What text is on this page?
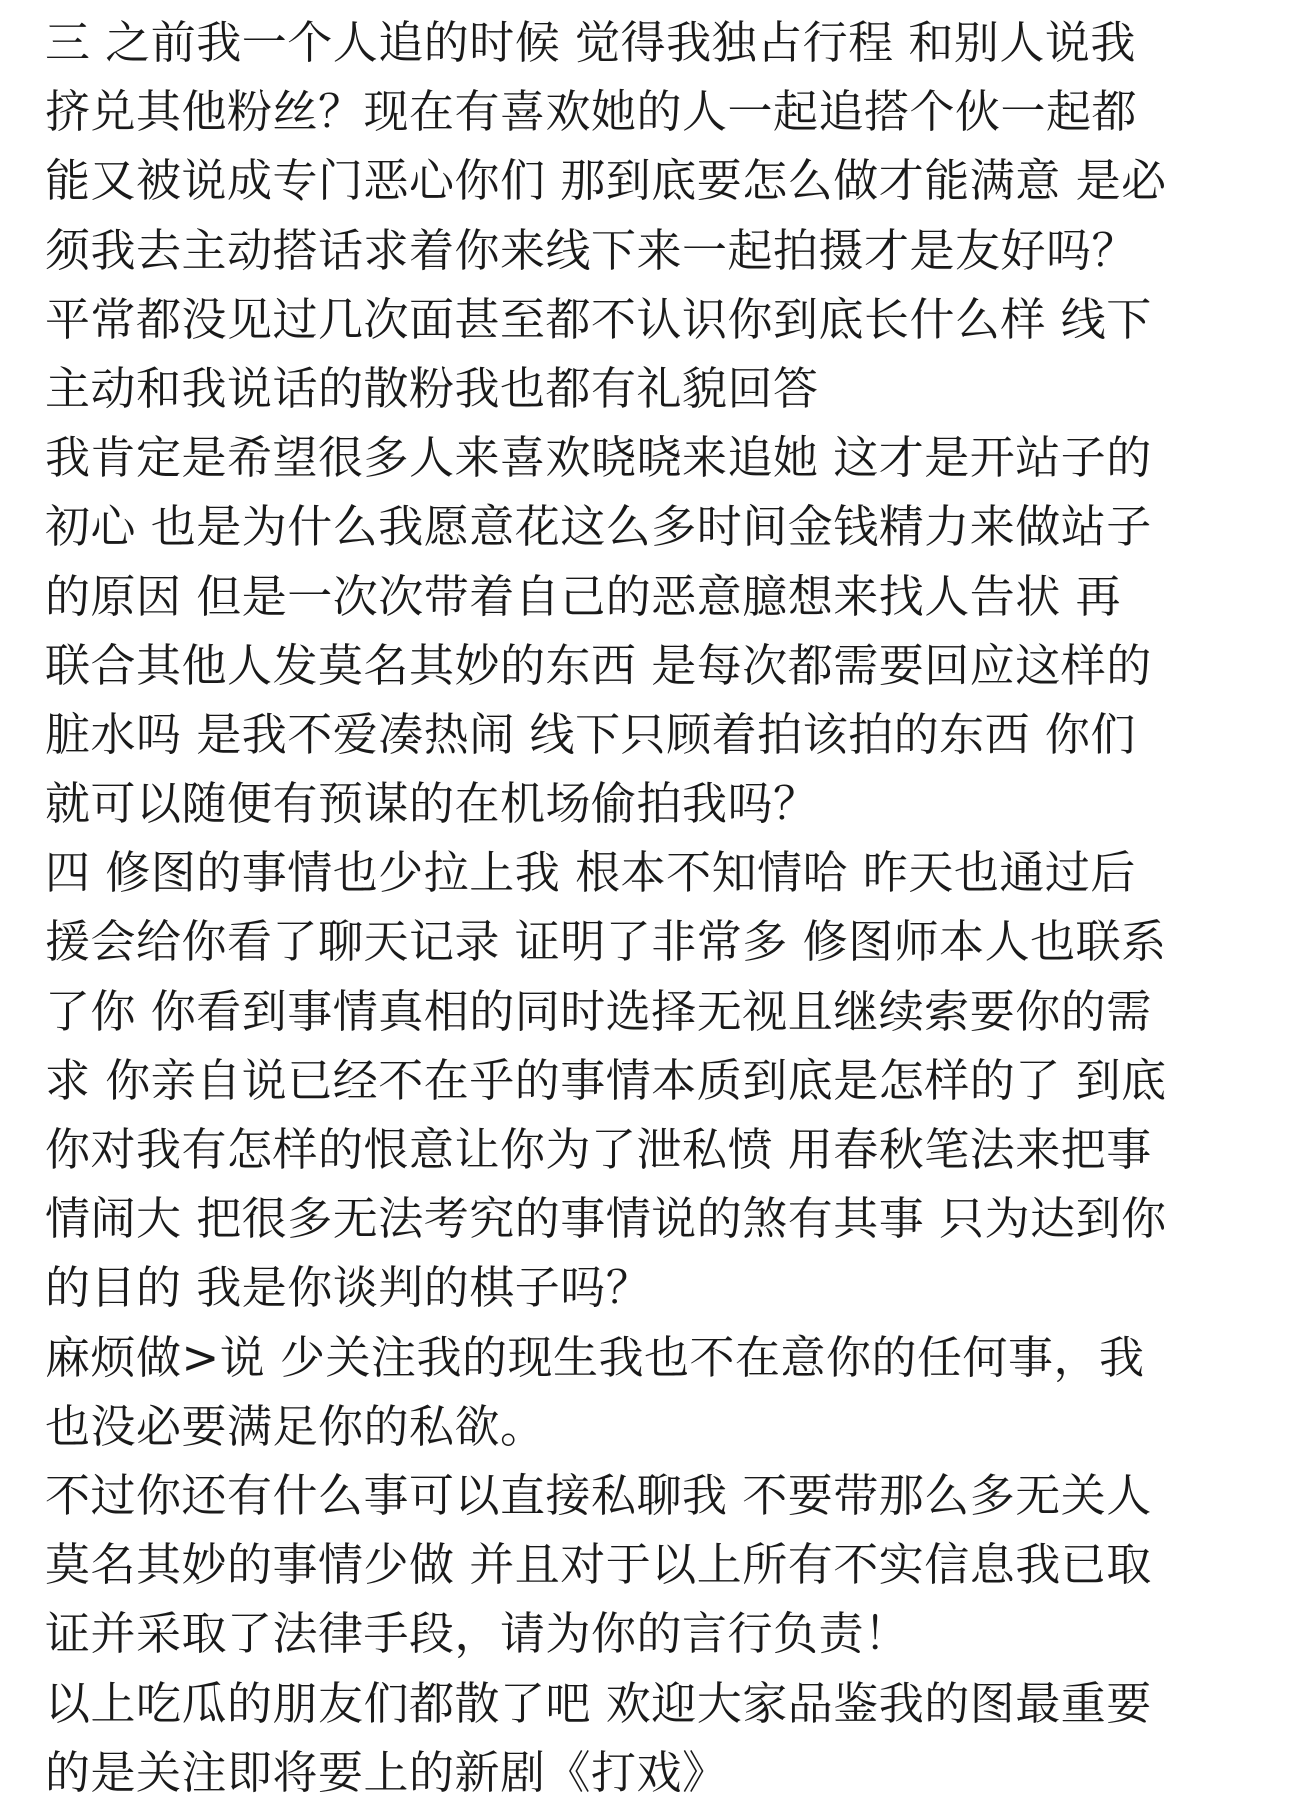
三 之前我一个人追的时候 觉得我独占行程 和别人说我
挤兑其他粉丝？现在有喜欢她的人一起追搭个伙一起都
能又被说成专门恶心你们 那到底要怎么做才能满意 是必
须我去主动搭话求着你来线下来一起拍摄才是友好吗？
平常都没见过几次面甚至都不认识你到底长什么样 线下
主动和我说话的散粉我也都有礼貌回答
我肯定是希望很多人来喜欢晓晓来追她 这才是开站子的
初心 也是为什么我愿意花这么多时间金钱精力来做站子
的原因 但是一次次带着自己的恶意臆想来找人告状 再
联合其他人发莫名其妙的东西 是每次都需要回应这样的
脏水吗 是我不爱凑热闹 线下只顾着拍该拍的东西 你们
就可以随便有预谋的在机场偷拍我吗？
四 修图的事情也少拉上我 根本不知情哈 昨天也通过后
援会给你看了聊天记录 证明了非常多 修图师本人也联系
了你 你看到事情真相的同时选择无视且继续索要你的需
求 你亲自说已经不在乎的事情本质到底是怎样的了 到底
你对我有怎样的恨意让你为了泄私愤 用春秋笔法来把事
情闹大 把很多无法考究的事情说的煞有其事 只为达到你
的目的 我是你谈判的棋子吗？
麻烦做>说 少关注我的现生我也不在意你的任何事，我
也没必要满足你的私欲。
不过你还有什么事可以直接私聊我 不要带那么多无关人
莫名其妙的事情少做 并且对于以上所有不实信息我已取
证并采取了法律手段，请为你的言行负责！
以上吃瓜的朋友们都散了吧 欢迎大家品鉴我的图最重要
的是关注即将要上的新剧《打戏》
